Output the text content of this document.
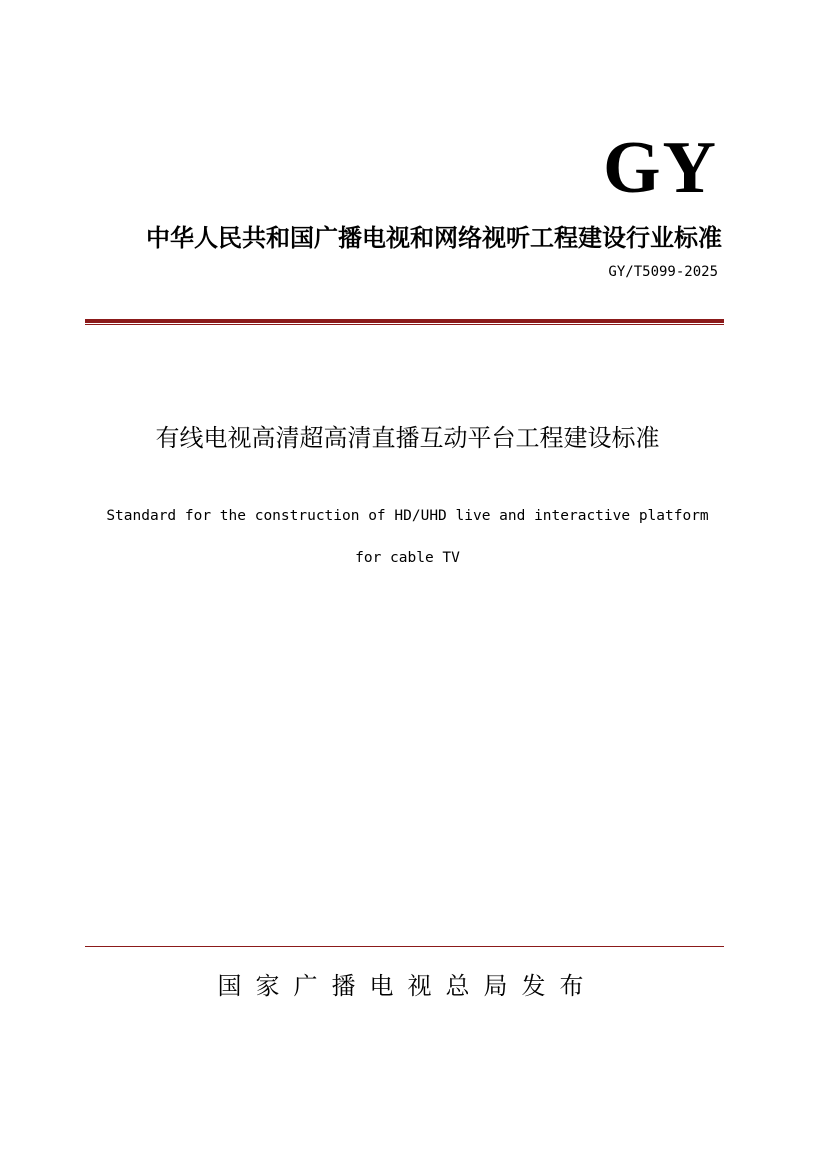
GY
中华人民共和国广播电视和网络视听工程建设行业标准
GY/T5099-2025
有线电视高清超高清直播互动平台工程建设标准
Standard for the construction of HD/UHD live and interactive platform
for cable TV
国家广播电视总局发布
